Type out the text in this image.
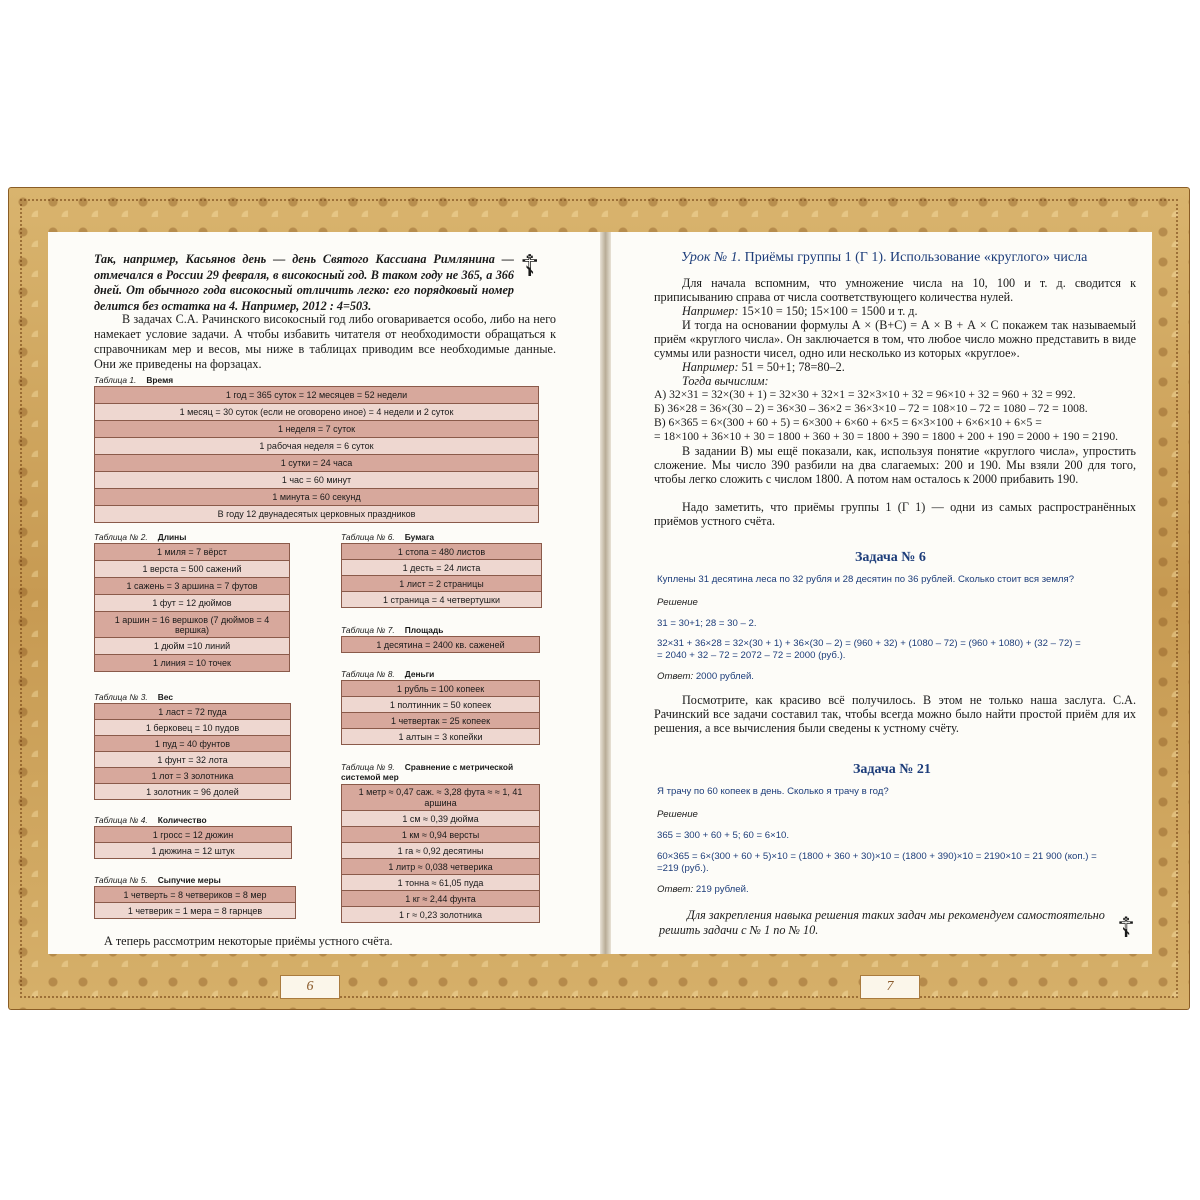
Так, например, Касьянов день — день Святого Кассиана Римлянина — отмечался в России 29 февраля, в високосный год. В таком году не 365, а 366 дней. От обычного года високосный отличить легко: его порядковый номер делится без остатка на 4. Например, 2012 : 4=503.
☦
В задачах С.А. Рачинского високосный год либо оговаривается особо, либо на него намекает условие задачи. А чтобы избавить читателя от необходимости обращаться к справочникам мер и весов, мы ниже в таблицах приводим все необходимые данные. Они же приведены на форзацах.
Таблица 1. Время
1 год = 365 суток = 12 месяцев = 52 недели
1 месяц = 30 суток (если не оговорено иное) = 4 недели и 2 суток
1 неделя = 7 суток
1 рабочая неделя = 6 суток
1 сутки = 24 часа
1 час = 60 минут
1 минута = 60 секунд
В году 12 двунадесятых церковных праздников
Таблица № 2. Длины
1 миля = 7 вёрст
1 верста = 500 сажений
1 сажень = 3 аршина = 7 футов
1 фут = 12 дюймов
1 аршин = 16 вершков (7 дюймов = 4 вершка)
1 дюйм =10 линий
1 линия = 10 точек
Таблица № 3. Вес
1 ласт = 72 пуда
1 берковец = 10 пудов
1 пуд = 40 фунтов
1 фунт = 32 лота
1 лот = 3 золотника
1 золотник = 96 долей
Таблица № 4. Количество
1 гросс = 12 дюжин
1 дюжина = 12 штук
Таблица № 5. Сыпучие меры
1 четверть = 8 четвериков = 8 мер
1 четверик = 1 мера = 8 гарнцев
Таблица № 6. Бумага
1 стопа = 480 листов
1 десть = 24 листа
1 лист = 2 страницы
1 страница = 4 четвертушки
Таблица № 7. Площадь
1 десятина = 2400 кв. саженей
Таблица № 8. Деньги
1 рубль = 100 копеек
1 полтинник = 50 копеек
1 четвертак = 25 копеек
1 алтын = 3 копейки
Таблица № 9. Сравнение с метрической системой мер
1 метр ≈ 0,47 саж. ≈ 3,28 фута ≈ ≈ 1, 41 аршина
1 см ≈ 0,39 дюйма
1 км ≈ 0,94 версты
1 га ≈ 0,92 десятины
1 литр ≈ 0,038 четверика
1 тонна ≈ 61,05 пуда
1 кг ≈ 2,44 фунта
1 г ≈ 0,23 золотника
А теперь рассмотрим некоторые приёмы устного счёта.
Урок № 1. Приёмы группы 1 (Г 1). Использование «круглого» числа
Для начала вспомним, что умножение числа на 10, 100 и т. д. сводится к приписыванию справа от числа соответствующего количества нулей.
Например: 15×10 = 150; 15×100 = 1500 и т. д.
И тогда на основании формулы А × (В+С) = А × В + А × С покажем так называемый приём «круглого числа». Он заключается в том, что любое число можно представить в виде суммы или разности чисел, одно или несколько из которых «круглое».
Например: 51 = 50+1; 78=80–2.
Тогда вычислим:
А) 32×31 = 32×(30 + 1) = 32×30 + 32×1 = 32×3×10 + 32 = 96×10 + 32 = 960 + 32 = 992.
Б) 36×28 = 36×(30 – 2) = 36×30 – 36×2 = 36×3×10 – 72 = 108×10 – 72 = 1080 – 72 = 1008.
В) 6×365 = 6×(300 + 60 + 5) = 6×300 + 6×60 + 6×5 = 6×3×100 + 6×6×10 + 6×5 =
= 18×100 + 36×10 + 30 = 1800 + 360 + 30 = 1800 + 390 = 1800 + 200 + 190 = 2000 + 190 = 2190.
В задании В) мы ещё показали, как, используя понятие «круглого числа», упростить сложение. Мы число 390 разбили на два слагаемых: 200 и 190. Мы взяли 200 для того, чтобы легко сложить с числом 1800. А потом нам осталось к 2000 прибавить 190.
Надо заметить, что приёмы группы 1 (Г 1) — одни из самых распространённых приёмов устного счёта.
Задача № 6
Куплены 31 десятина леса по 32 рубля и 28 десятин по 36 рублей. Сколько стоит вся земля?
Решение
31 = 30+1; 28 = 30 – 2.
32×31 + 36×28 = 32×(30 + 1) + 36×(30 – 2) = (960 + 32) + (1080 – 72) = (960 + 1080) + (32 – 72) =
= 2040 + 32 – 72 = 2072 – 72 = 2000 (руб.).
Ответ: 2000 рублей.
Посмотрите, как красиво всё получилось. В этом не только наша заслуга. С.А. Рачинский все задачи составил так, чтобы всегда можно было найти простой приём для их решения, а все вычисления были сведены к устному счёту.
Задача № 21
Я трачу по 60 копеек в день. Сколько я трачу в год?
Решение
365 = 300 + 60 + 5; 60 = 6×10.
60×365 = 6×(300 + 60 + 5)×10 = (1800 + 360 + 30)×10 = (1800 + 390)×10 = 2190×10 = 21 900 (коп.) =
=219 (руб.).
Ответ: 219 рублей.
Для закрепления навыка решения таких задач мы рекомендуем самостоятельно решить задачи с № 1 по № 10.	☦
6	7
